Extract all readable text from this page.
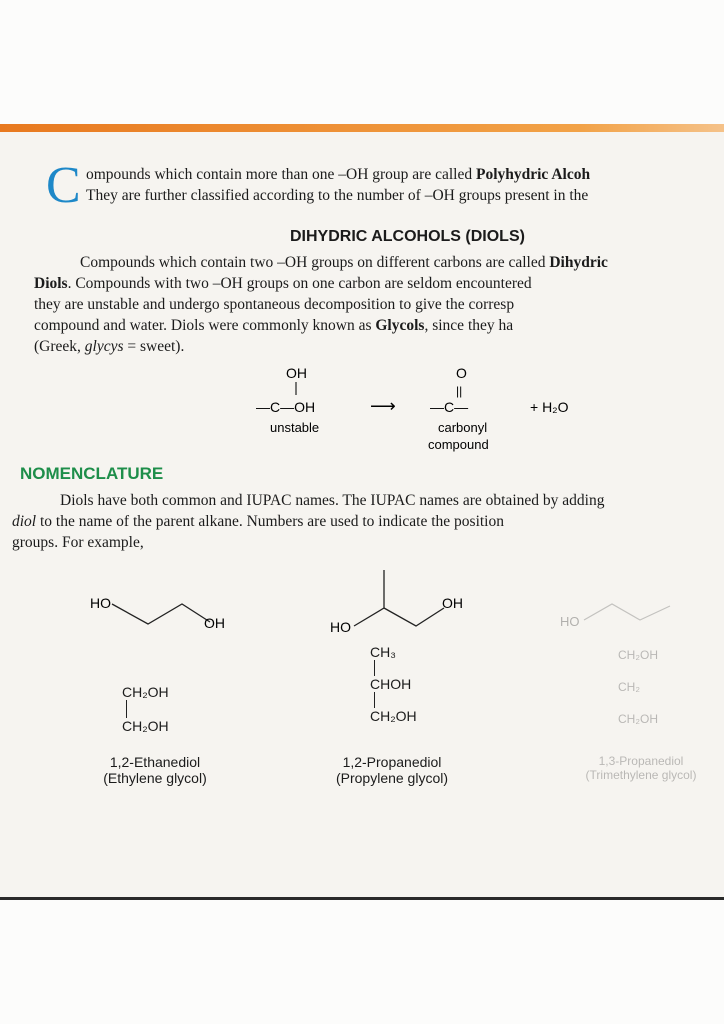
C ompounds which contain more than one –OH group are called Polyhydric Alcoh

They are further classified according to the number of –OH groups present in the

DIHYDRIC ALCOHOLS (DIOLS)

Compounds which contain two –OH groups on different carbons are called Dihydric

Diols. Compounds with two –OH groups on one carbon are seldom encountered
they are unstable and undergo spontaneous decomposition to give the corresp
compound and water. Diols were commonly known as Glycols, since they ha
(Greek, glycys = sweet).
OH
—C—OH
unstable
⟶
O
||
—C—
carbonyl
compound
+ H₂O
NOMENCLATURE

Diols have both common and IUPAC names. The IUPAC names are obtained by adding

diol to the name of the parent alkane. Numbers are used to indicate the position
groups. For example,
HO
OH
CH₂OH
CH₂OH
1,2-Ethanediol
(Ethylene glycol)
HO
OH
CH₃
CHOH
CH₂OH
1,2-Propanediol
(Propylene glycol)
HO
CH₂OH
CH₂
CH₂OH
1,3-Propanediol
(Trimethylene glycol)
